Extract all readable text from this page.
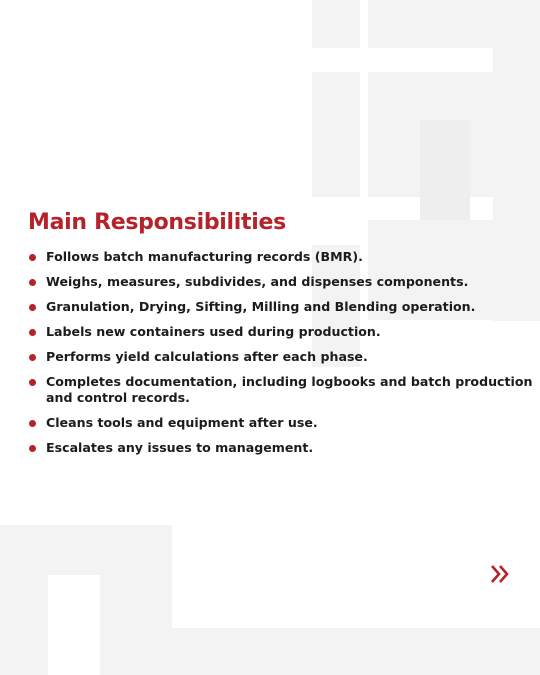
Main Responsibilities
Follows batch manufacturing records (BMR).
Weighs, measures, subdivides, and dispenses components.
Granulation, Drying, Sifting, Milling and Blending operation.
Labels new containers used during production.
Performs yield calculations after each phase.
Completes documentation, including logbooks and batch production and control records.
Cleans tools and equipment after use.
Escalates any issues to management.
